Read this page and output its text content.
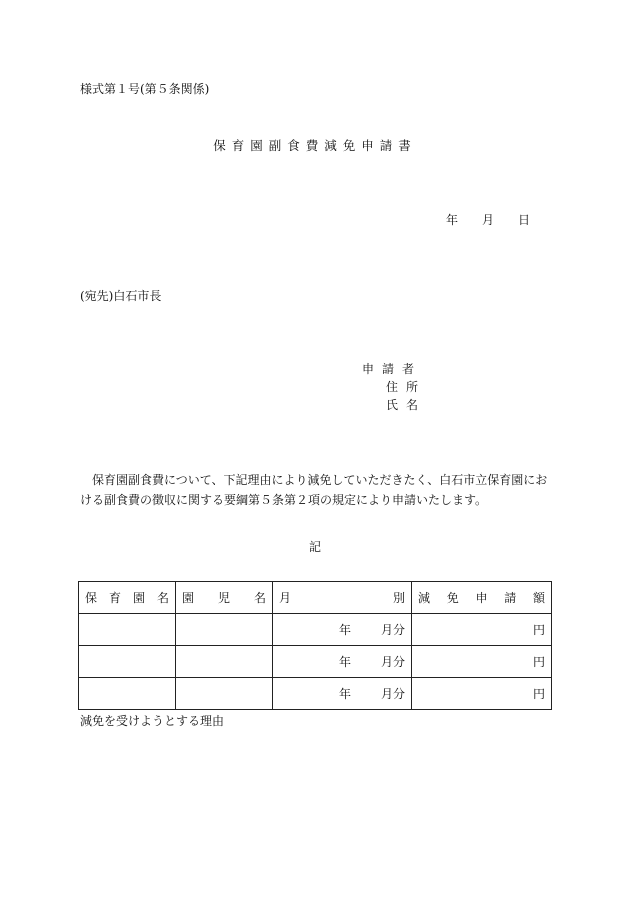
様式第１号(第５条関係)
保育園副食費減免申請書
年 月 日
(宛先)白石市長
申請者
住所
氏名
保育園副食費について、下記理由により減免していただきたく、白石市立保育園における副食費の徴収に関する要綱第５条第２項の規定により申請いたします。
記
保育園名	園児名	月 別	減免申請額
		年 月分	円
		年 月分	円
		年 月分	円
減免を受けようとする理由
